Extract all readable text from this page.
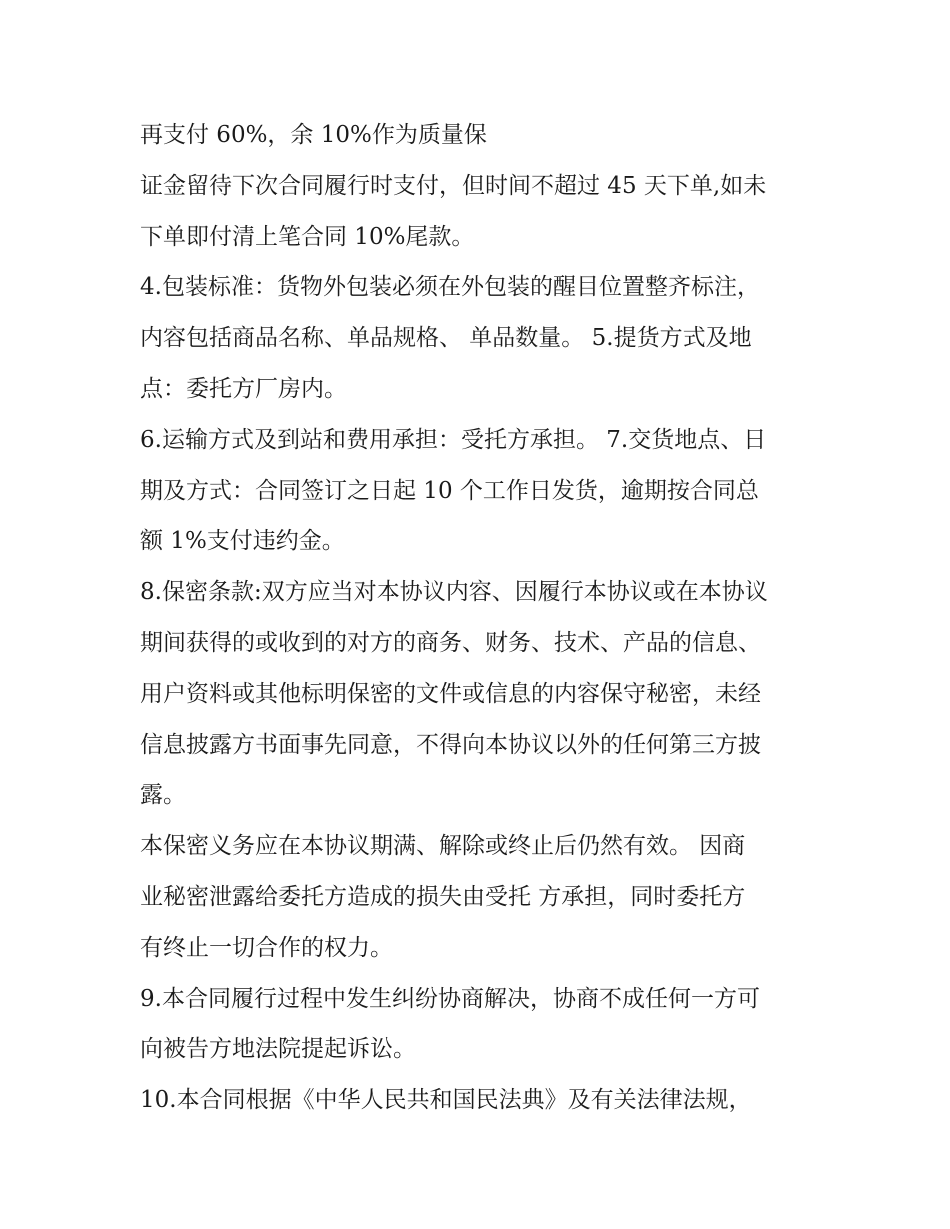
再支付 60%，余 10%作为质量保
证金留待下次合同履行时支付，但时间不超过 45 天下单,如未
下单即付清上笔合同 10%尾款。
4.包装标准：货物外包装必须在外包装的醒目位置整齐标注，
内容包括商品名称、单品规格、 单品数量。 5.提货方式及地
点：委托方厂房内。
6.运输方式及到站和费用承担：受托方承担。 7.交货地点、日
期及方式：合同签订之日起 10 个工作日发货，逾期按合同总
额 1%支付违约金。
8.保密条款:双方应当对本协议内容、因履行本协议或在本协议
期间获得的或收到的对方的商务、财务、技术、产品的信息、
用户资料或其他标明保密的文件或信息的内容保守秘密，未经
信息披露方书面事先同意，不得向本协议以外的任何第三方披
露。
本保密义务应在本协议期满、解除或终止后仍然有效。 因商
业秘密泄露给委托方造成的损失由受托 方承担，同时委托方
有终止一切合作的权力。
9.本合同履行过程中发生纠纷协商解决，协商不成任何一方可
向被告方地法院提起诉讼。
10.本合同根据《中华人民共和国民法典》及有关法律法规，
